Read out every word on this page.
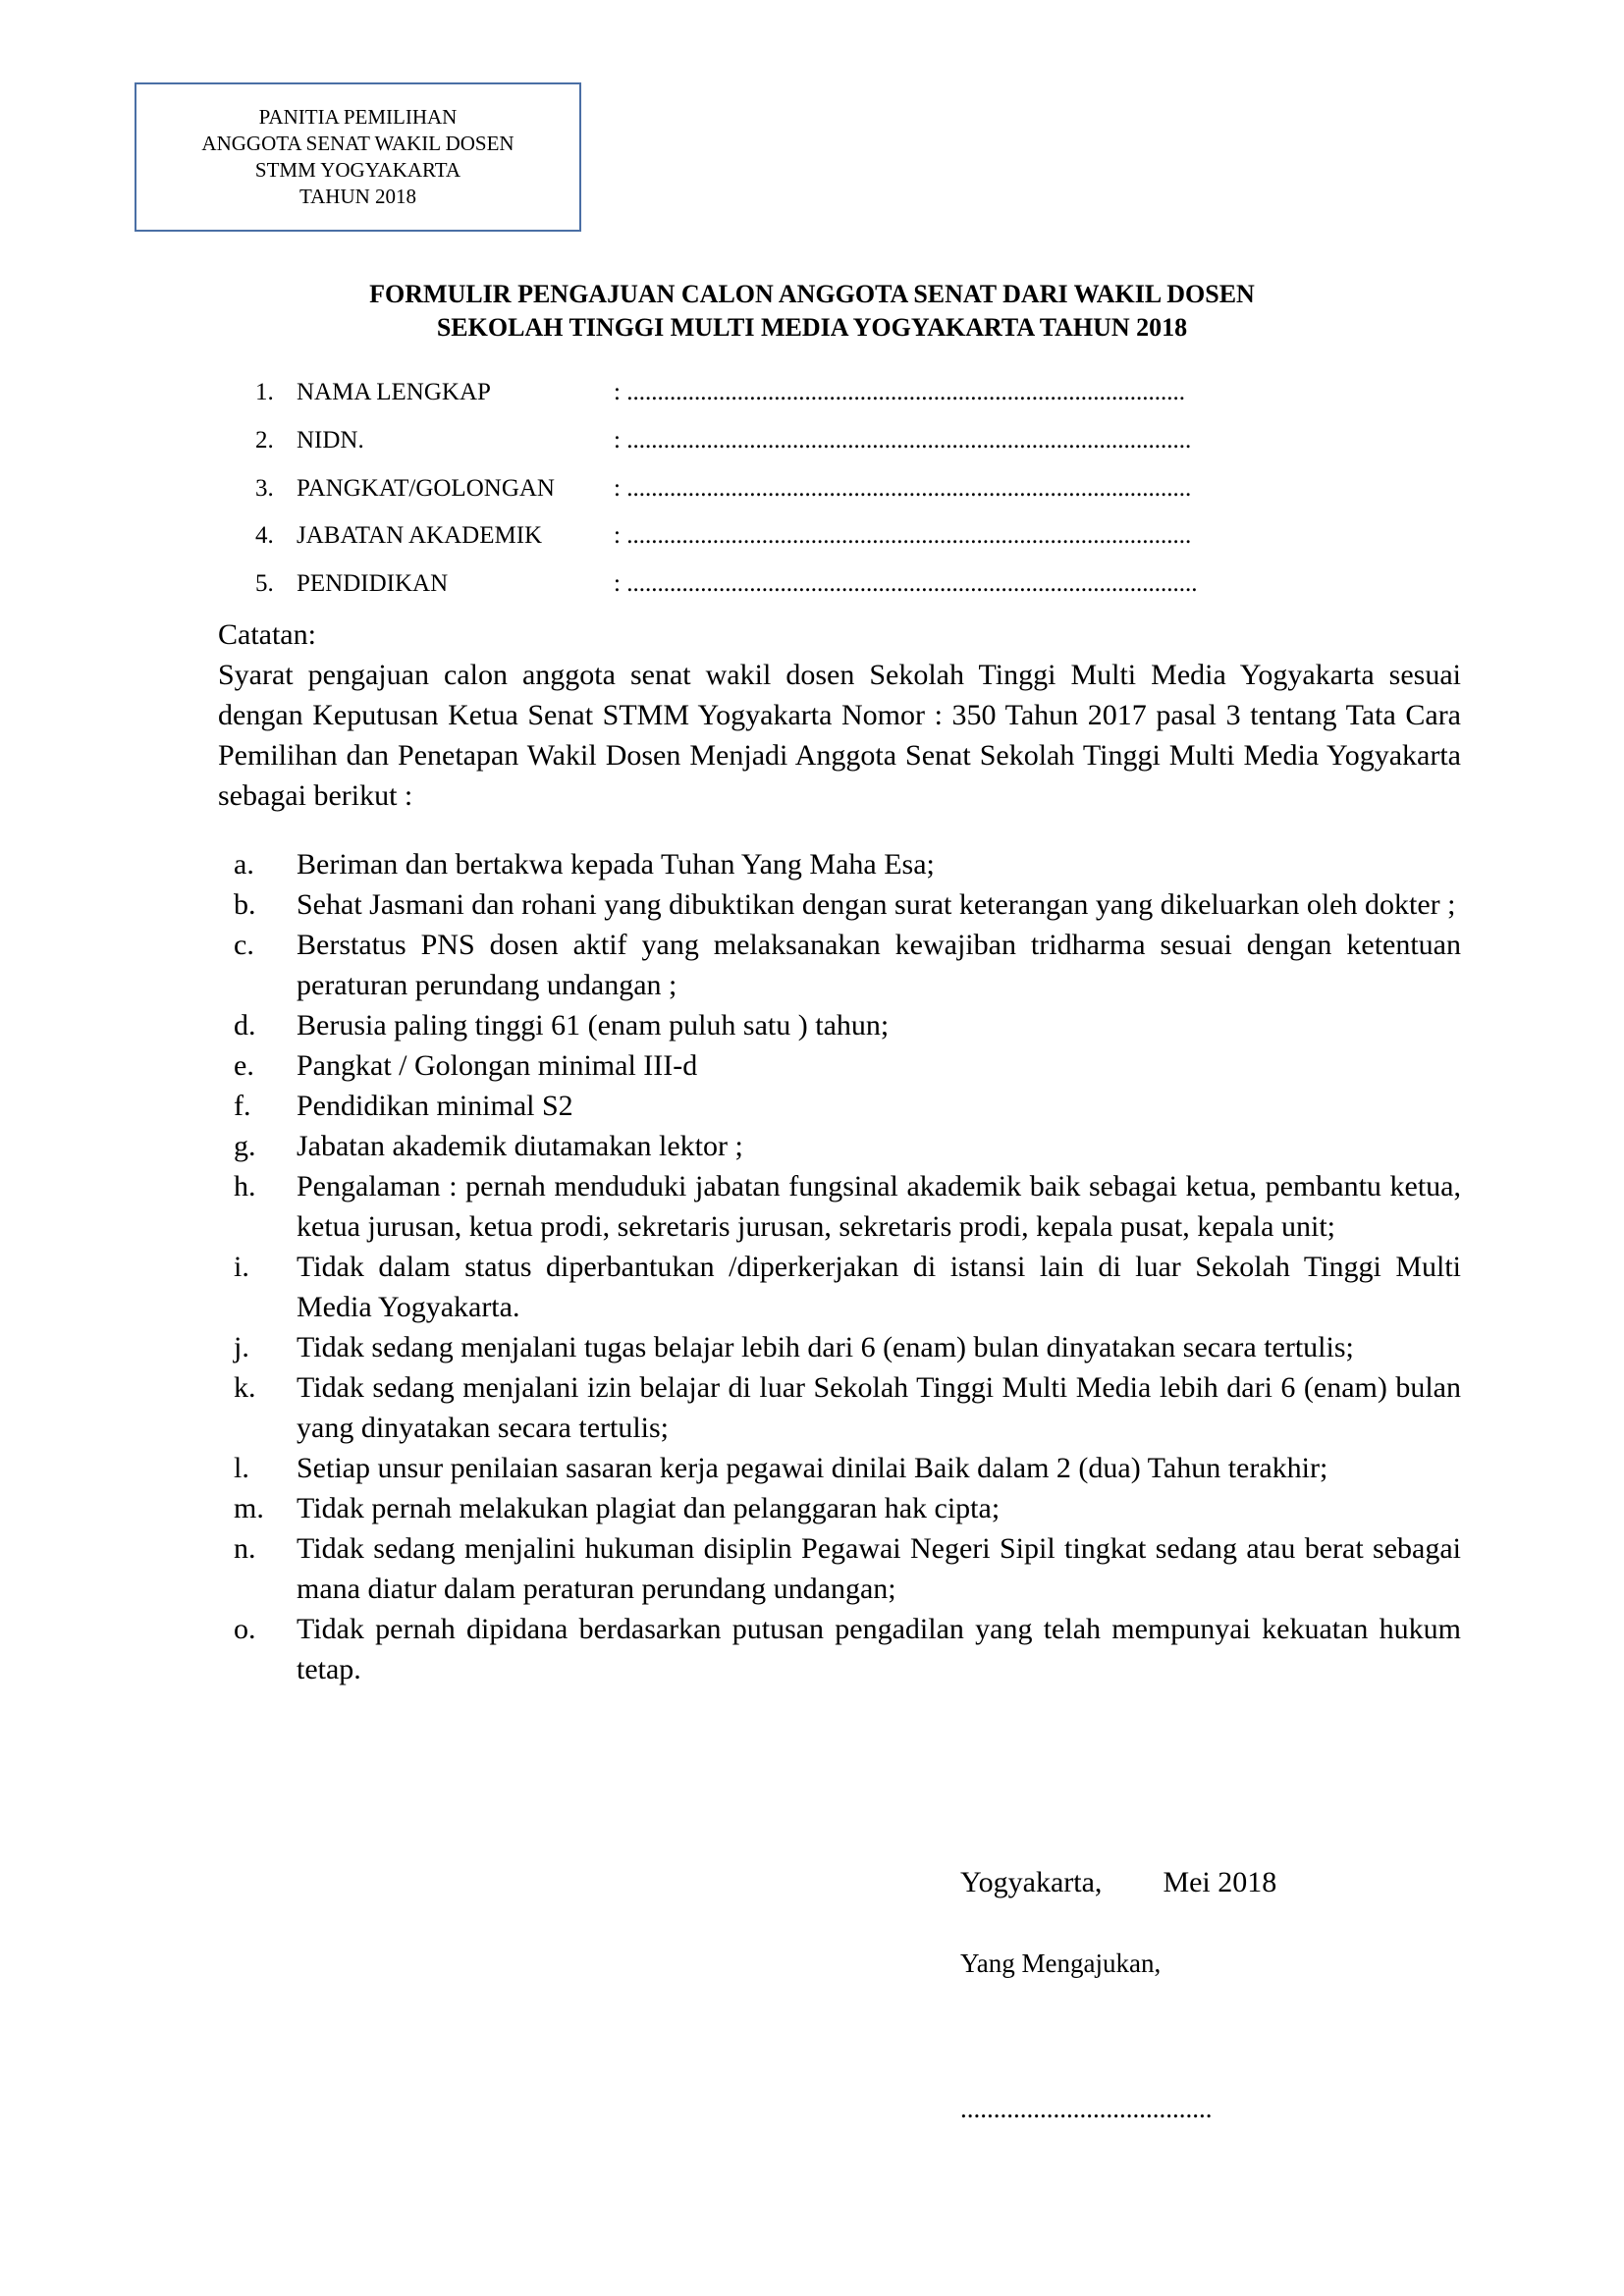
PANITIA PEMILIHAN
ANGGOTA SENAT WAKIL DOSEN
STMM YOGYAKARTA
TAHUN 2018
FORMULIR PENGAJUAN CALON ANGGOTA SENAT DARI WAKIL DOSEN
SEKOLAH TINGGI MULTI MEDIA YOGYAKARTA TAHUN 2018
1. NAMA LENGKAP	: ...........................................................................................
2. NIDN.	: ............................................................................................
3. PANGKAT/GOLONGAN : ............................................................................................
4. JABATAN AKADEMIK	: ............................................................................................
5. PENDIDIKAN	: .............................................................................................
Catatan:
Syarat pengajuan calon anggota senat wakil dosen Sekolah Tinggi Multi Media Yogyakarta sesuai dengan Keputusan Ketua Senat STMM Yogyakarta Nomor : 350 Tahun 2017 pasal 3 tentang Tata Cara Pemilihan dan Penetapan Wakil Dosen Menjadi Anggota Senat Sekolah Tinggi Multi Media Yogyakarta sebagai berikut :
a. Beriman dan bertakwa kepada Tuhan Yang Maha Esa;
b. Sehat Jasmani dan rohani yang dibuktikan dengan surat keterangan yang dikeluarkan oleh dokter ;
c. Berstatus PNS dosen aktif yang melaksanakan kewajiban tridharma sesuai dengan ketentuan peraturan perundang undangan ;
d. Berusia paling tinggi 61 (enam puluh satu ) tahun;
e. Pangkat / Golongan minimal III-d
f. Pendidikan minimal S2
g. Jabatan akademik diutamakan lektor ;
h. Pengalaman : pernah menduduki jabatan fungsinal akademik baik sebagai ketua, pembantu ketua, ketua jurusan, ketua prodi, sekretaris jurusan, sekretaris prodi, kepala pusat, kepala unit;
i. Tidak dalam status diperbantukan /diperkerjakan di istansi lain di luar Sekolah Tinggi Multi Media Yogyakarta.
j. Tidak sedang menjalani tugas belajar lebih dari 6 (enam) bulan dinyatakan secara tertulis;
k. Tidak sedang menjalani izin belajar di luar Sekolah Tinggi Multi Media lebih dari 6 (enam) bulan yang dinyatakan secara tertulis;
l. Setiap unsur penilaian sasaran kerja pegawai dinilai Baik dalam 2 (dua) Tahun terakhir;
m. Tidak pernah melakukan plagiat dan pelanggaran hak cipta;
n. Tidak sedang menjalini hukuman disiplin Pegawai Negeri Sipil tingkat sedang atau berat sebagai mana diatur dalam peraturan perundang undangan;
o. Tidak pernah dipidana berdasarkan putusan pengadilan yang telah mempunyai kekuatan hukum tetap.
Yogyakarta, Mei 2018
Yang Mengajukan,
......................................
